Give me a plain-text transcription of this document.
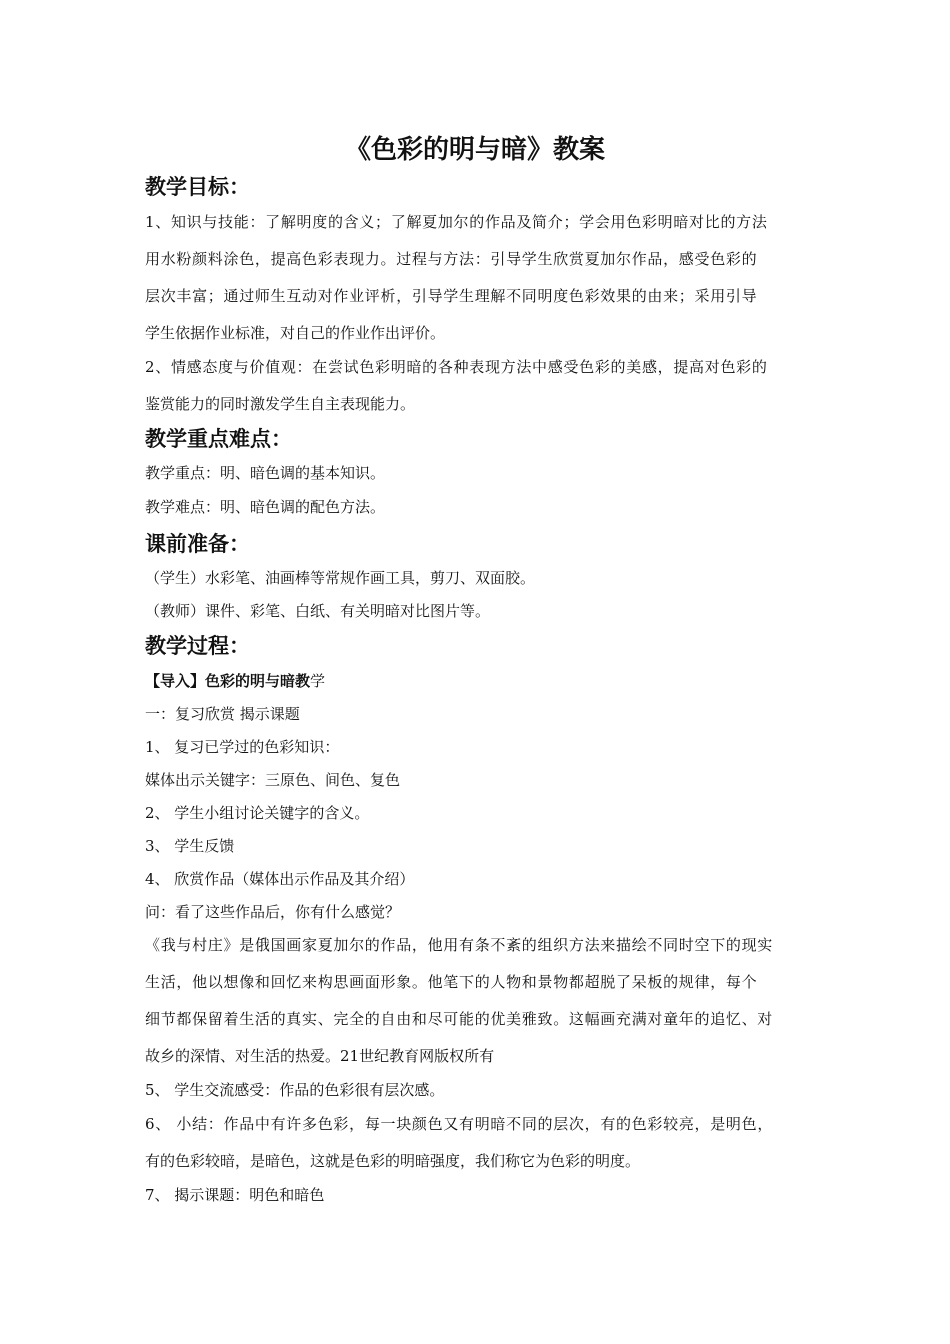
《色彩的明与暗》教案
教学目标：
1、知识与技能：了解明度的含义；了解夏加尔的作品及简介；学会用色彩明暗对比的方法
用水粉颜料涂色，提高色彩表现力。过程与方法：引导学生欣赏夏加尔作品，感受色彩的
层次丰富；通过师生互动对作业评析，引导学生理解不同明度色彩效果的由来；采用引导
学生依据作业标准，对自己的作业作出评价。
2、情感态度与价值观：在尝试色彩明暗的各种表现方法中感受色彩的美感，提高对色彩的
鉴赏能力的同时激发学生自主表现能力。
教学重点难点：
教学重点：明、暗色调的基本知识。
教学难点：明、暗色调的配色方法。
课前准备：
（学生）水彩笔、油画棒等常规作画工具，剪刀、双面胶。
（教师）课件、彩笔、白纸、有关明暗对比图片等。
教学过程：
【导入】色彩的明与暗教学
一：复习欣赏 揭示课题
1、 复习已学过的色彩知识：
媒体出示关键字：三原色、间色、复色
2、 学生小组讨论关键字的含义。
3、 学生反馈
4、 欣赏作品（媒体出示作品及其介绍）
问：看了这些作品后，你有什么感觉？
《我与村庄》是俄国画家夏加尔的作品，他用有条不紊的组织方法来描绘不同时空下的现实
生活，他以想像和回忆来构思画面形象。他笔下的人物和景物都超脱了呆板的规律，每个
细节都保留着生活的真实、完全的自由和尽可能的优美雅致。这幅画充满对童年的追忆、对
故乡的深情、对生活的热爱。21世纪教育网版权所有
5、 学生交流感受：作品的色彩很有层次感。
6、 小结：作品中有许多色彩，每一块颜色又有明暗不同的层次，有的色彩较亮，是明色，
有的色彩较暗，是暗色，这就是色彩的明暗强度，我们称它为色彩的明度。
7、 揭示课题：明色和暗色
